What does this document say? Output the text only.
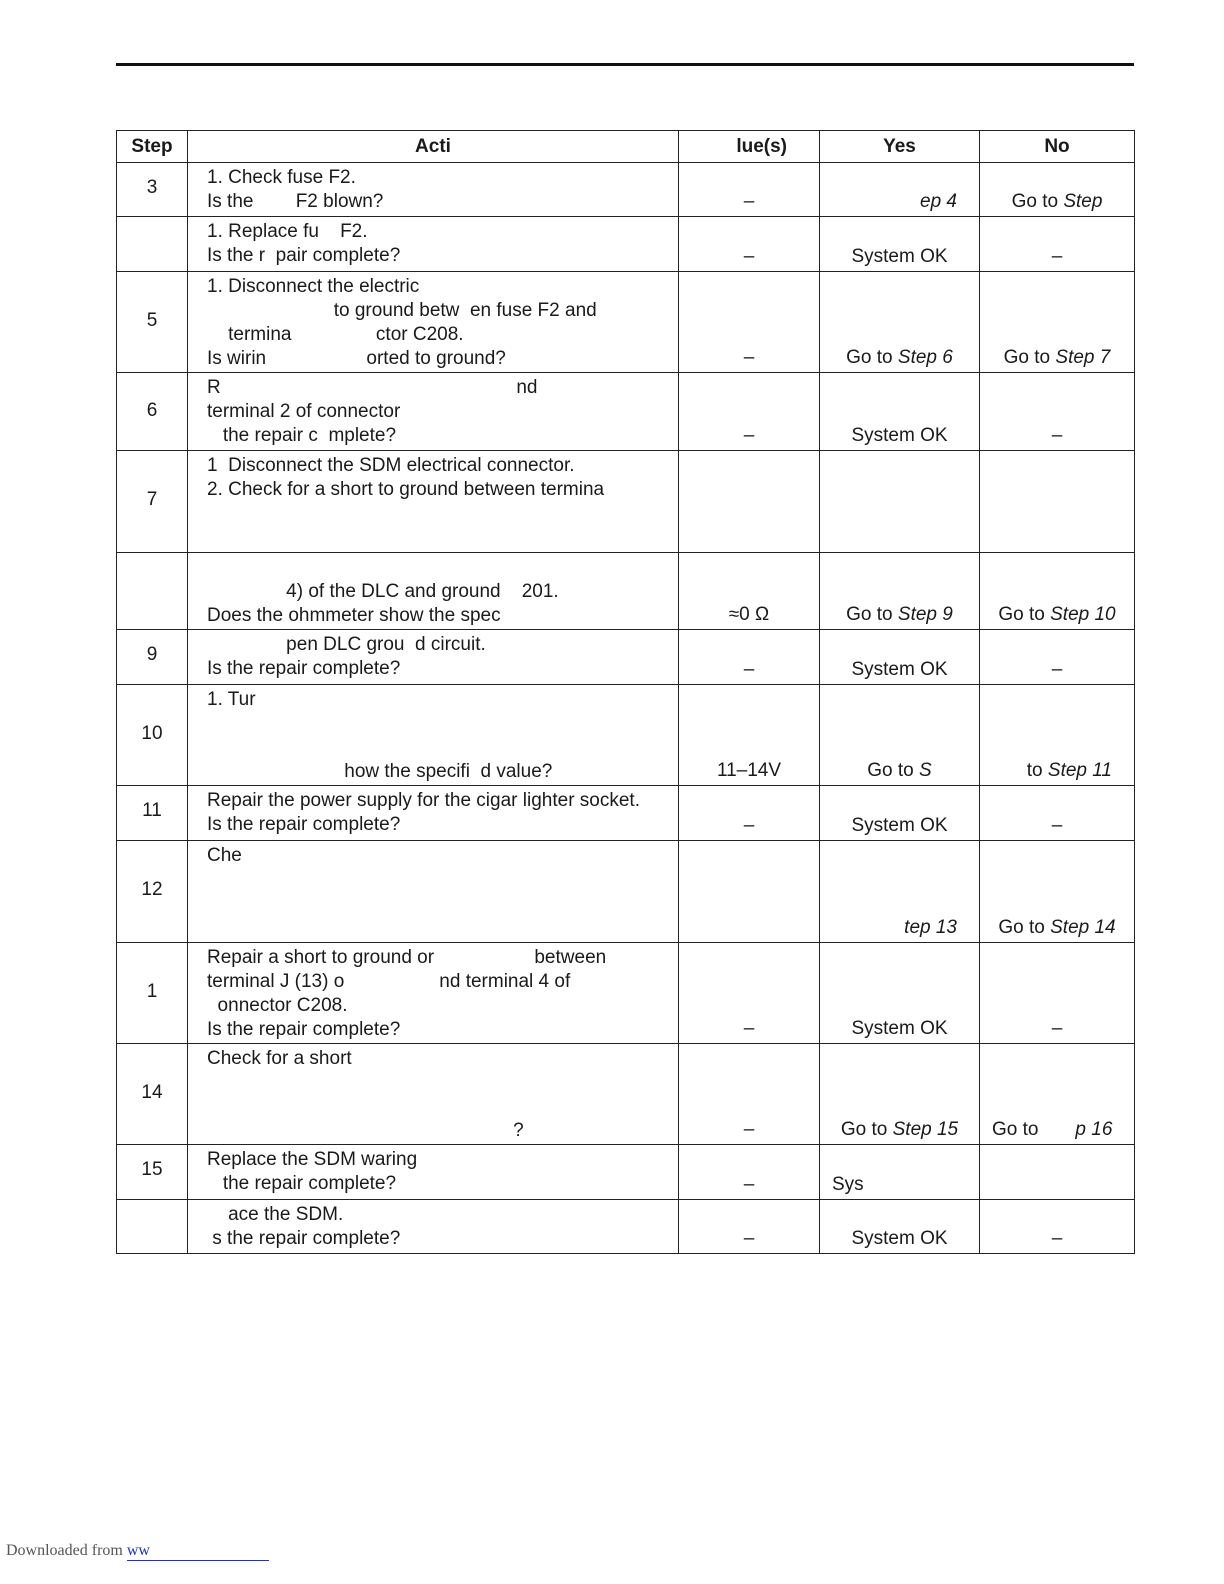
Step	Acti	lue(s)	Yes	No

3	1. Check fuse F2.
Is the        F2 blown?	–	ep 4	Go to Step

	1. Replace fu    F2.
Is the r  pair complete?	–	System OK	–

5	1. Disconnect the electric
to ground betw  en fuse F2 and
termina                ctor C208.
Is wirin                   orted to ground?	–	Go to Step 6	Go to Step 7

6	R                                                        nd
terminal 2 of connector
the repair c  mplete?	–	System OK	–

7	1  Disconnect the SDM electrical connector.
2. Check for a short to ground between termina			

4) of the DLC and ground    201.
Does the ohmmeter show the spec	≈0 Ω	Go to Step 9	Go to Step 10

9	pen DLC grou  d circuit.
Is the repair complete?	–	System OK	–

10	1. Tur

how the specifi  d value?	11–14V	Go to S	to Step 11

11	Repair the power supply for the cigar lighter socket.
Is the repair complete?	–	System OK	–

12	Che		tep 13	Go to Step 14

1	Repair a short to ground or                   between
terminal J (13) o                  nd terminal 4 of
onnector C208.
Is the repair complete?	–	System OK	–

14	Check for a short

?	–	Go to Step 15	Go to       p 16

15	Replace the SDM waring
the repair complete?	–	Sys	

	ace the SDM.
s the repair complete?	–	System OK	–
Downloaded from ww
